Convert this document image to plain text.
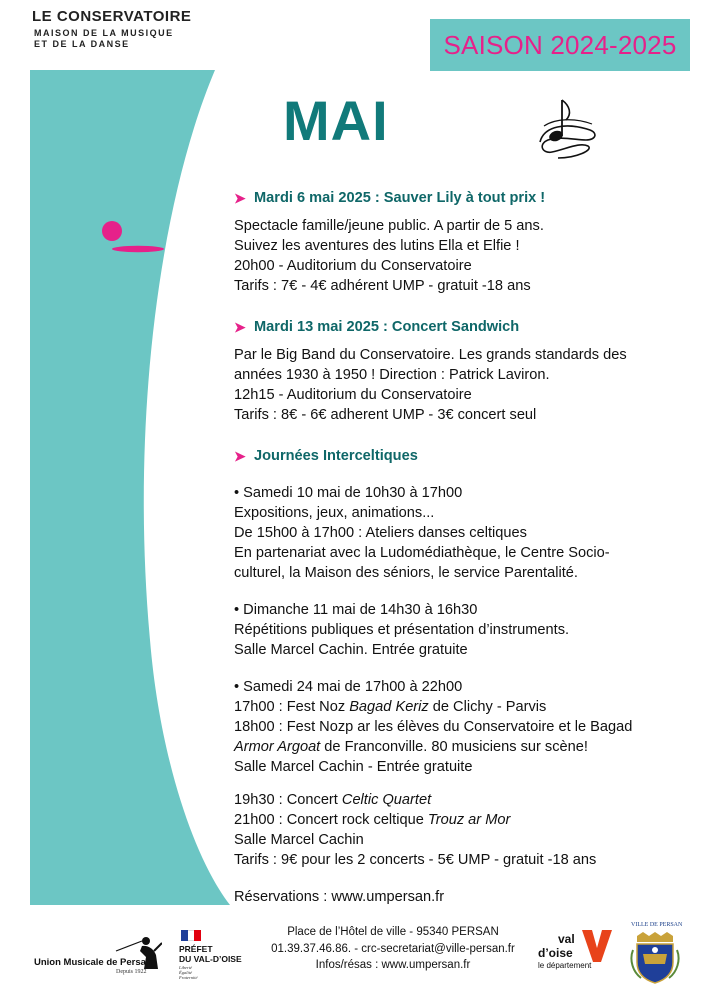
LE CONSERVATOIRE
MAISON DE LA MUSIQUE
ET DE LA DANSE	SAISON 2024-2025
MAI
➤ Mardi 6 mai 2025 : Sauver Lily à tout prix !
Spectacle famille/jeune public. A partir de 5 ans.
Suivez les aventures des lutins Ella et Elfie !
20h00 - Auditorium du Conservatoire
Tarifs : 7€ - 4€ adhérent UMP - gratuit -18 ans
➤ Mardi 13 mai 2025 : Concert Sandwich
Par le Big Band du Conservatoire. Les grands standards des
années 1930 à 1950 ! Direction : Patrick Laviron.
12h15 - Auditorium du Conservatoire
Tarifs : 8€ - 6€ adherent UMP - 3€ concert seul
➤ Journées Interceltiques
• Samedi 10 mai de 10h30 à 17h00
Expositions, jeux, animations...
De 15h00 à 17h00 : Ateliers danses celtiques
En partenariat avec la Ludomédiathèque, le Centre Socio-
culturel, la Maison des séniors, le service Parentalité.
• Dimanche 11 mai de 14h30 à 16h30
Répétitions publiques et présentation d’instruments.
Salle Marcel Cachin. Entrée gratuite
• Samedi 24 mai de 17h00 à 22h00
17h00 : Fest Noz Bagad Keriz de Clichy - Parvis
18h00 : Fest Nozp ar les élèves du Conservatoire et le Bagad
Armor Argoat de Franconville. 80 musiciens sur scène!
Salle Marcel Cachin - Entrée gratuite
19h30 : Concert Celtic Quartet
21h00 : Concert rock celtique Trouz ar Mor
Salle Marcel Cachin
Tarifs : 9€ pour les 2 concerts - 5€ UMP - gratuit -18 ans
Réservations : www.umpersan.fr
Union Musicale de Persan
Depuis 1922
PRÉFET
DU VAL-D’OISE
Liberté
Égalité
Fraternité
Place de l’Hôtel de ville - 95340 PERSAN
01.39.37.46.86. - crc-secretariat@ville-persan.fr
Infos/résas : www.umpersan.fr
val
d’oise
le département
VILLE DE PERSAN
